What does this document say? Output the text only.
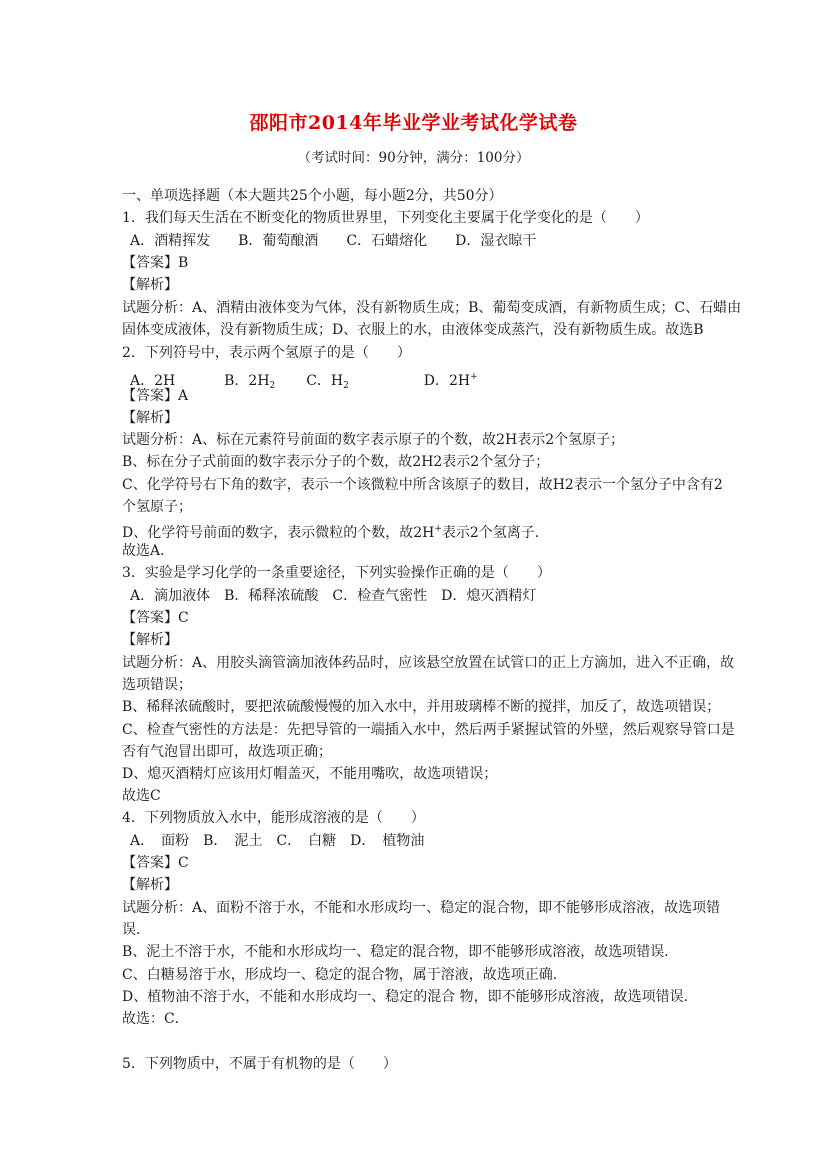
邵阳市2014年毕业学业考试化学试卷
（考试时间：90分钟，满分：100分）
一、单项选择题（本大题共25个小题，每小题2分，共50分）
1．我们每天生活在不断变化的物质世界里，下列变化主要属于化学变化的是（　　）
A．酒精挥发　　B．葡萄酿酒　　C．石蜡熔化　　D．湿衣晾干
【答案】B
【解析】
试题分析：A、酒精由液体变为气体，没有新物质生成；B、葡萄变成酒，有新物质生成；C、石蜡由
固体变成液体，没有新物质生成；D、衣服上的水，由液体变成蒸汽，没有新物质生成。故选B
2．下列符号中，表示两个氢原子的是（　　）
A．2H	B．$2H_2$ C．$H_2$	D．2H+
【答案】A
【解析】
试题分析：A、标在元素符号前面的数字表示原子的个数，故2H表示2个氢原子；
B、标在分子式前面的数字表示分子的个数，故2H2表示2个氢分子；
C、化学符号右下角的数字，表示一个该微粒中所含该原子的数目，故H2表示一个氢分子中含有2
个氢原子；
D、化学符号前面的数字，表示微粒的个数，故2H+表示2个氢离子．
故选A．
3．实验是学习化学的一条重要途径，下列实验操作正确的是（　　）
A．滴加液体　B．稀释浓硫酸　C．检查气密性　D．熄灭酒精灯
【答案】C
【解析】
试题分析：A、用胶头滴管滴加液体药品时，应该悬空放置在试管口的正上方滴加，进入不正确，故
选项错误；
B、稀释浓硫酸时，要把浓硫酸慢慢的加入水中，并用玻璃棒不断的搅拌，加反了，故选项错误；
C、检查气密性的方法是：先把导管的一端插入水中，然后两手紧握试管的外壁，然后观察导管口是
否有气泡冒出即可，故选项正确；
D、熄灭酒精灯应该用灯帽盖灭，不能用嘴吹，故选项错误；
故选C
4．下列物质放入水中，能形成溶液的是（　　）
A．　面粉　B．　泥土　C．　白糖　D．　植物油
【答案】C
【解析】
试题分析：A、面粉不溶于水，不能和水形成均一、稳定的混合物，即不能够形成溶液，故选项错
误．
B、泥土不溶于水，不能和水形成均一、稳定的混合物，即不能够形成溶液，故选项错误．
C、白糖易溶于水，形成均一、稳定的混合物，属于溶液，故选项正确．
D、植物油不溶于水，不能和水形成均一、稳定的混合 物，即不能够形成溶液，故选项错误．
故选：C．
5．下列物质中，不属于有机物的是（　　）
